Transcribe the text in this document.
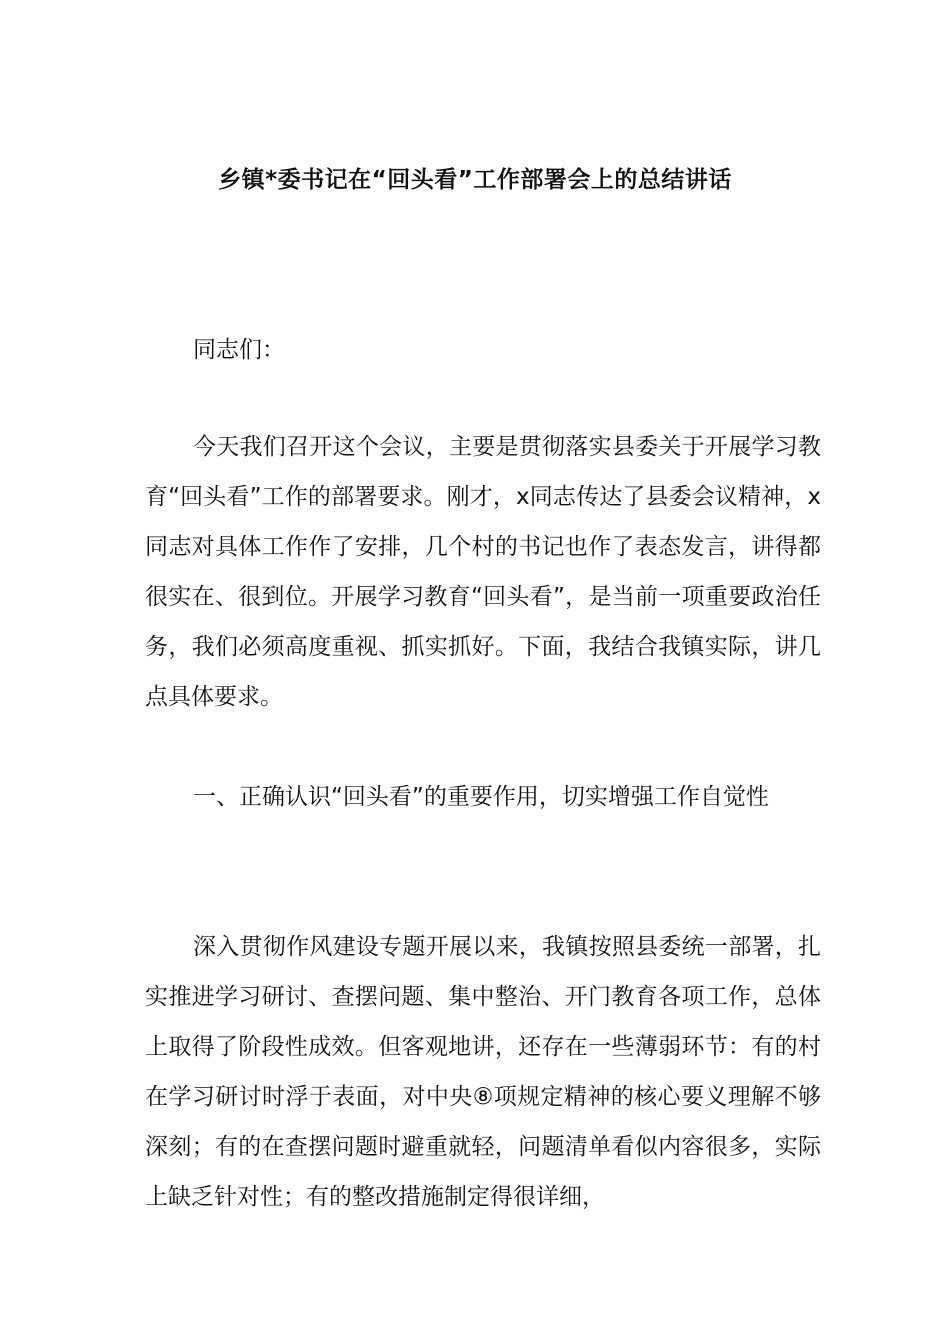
乡镇*委书记在“回头看”工作部署会上的总结讲话

同志们：

今天我们召开这个会议，主要是贯彻落实县委关于开展学习教育“回头看”工作的部署要求。刚才，x同志传达了县委会议精神，x同志对具体工作作了安排，几个村的书记也作了表态发言，讲得都很实在、很到位。开展学习教育“回头看”，是当前一项重要政治任务，我们必须高度重视、抓实抓好。下面，我结合我镇实际，讲几点具体要求。

一、正确认识“回头看”的重要作用，切实增强工作自觉性

深入贯彻作风建设专题开展以来，我镇按照县委统一部署，扎实推进学习研讨、查摆问题、集中整治、开门教育各项工作，总体上取得了阶段性成效。但客观地讲，还存在一些薄弱环节：有的村在学习研讨时浮于表面，对中央⑧项规定精神的核心要义理解不够深刻；有的在查摆问题时避重就轻，问题清单看似内容很多，实际上缺乏针对性；有的整改措施制定得很详细，
